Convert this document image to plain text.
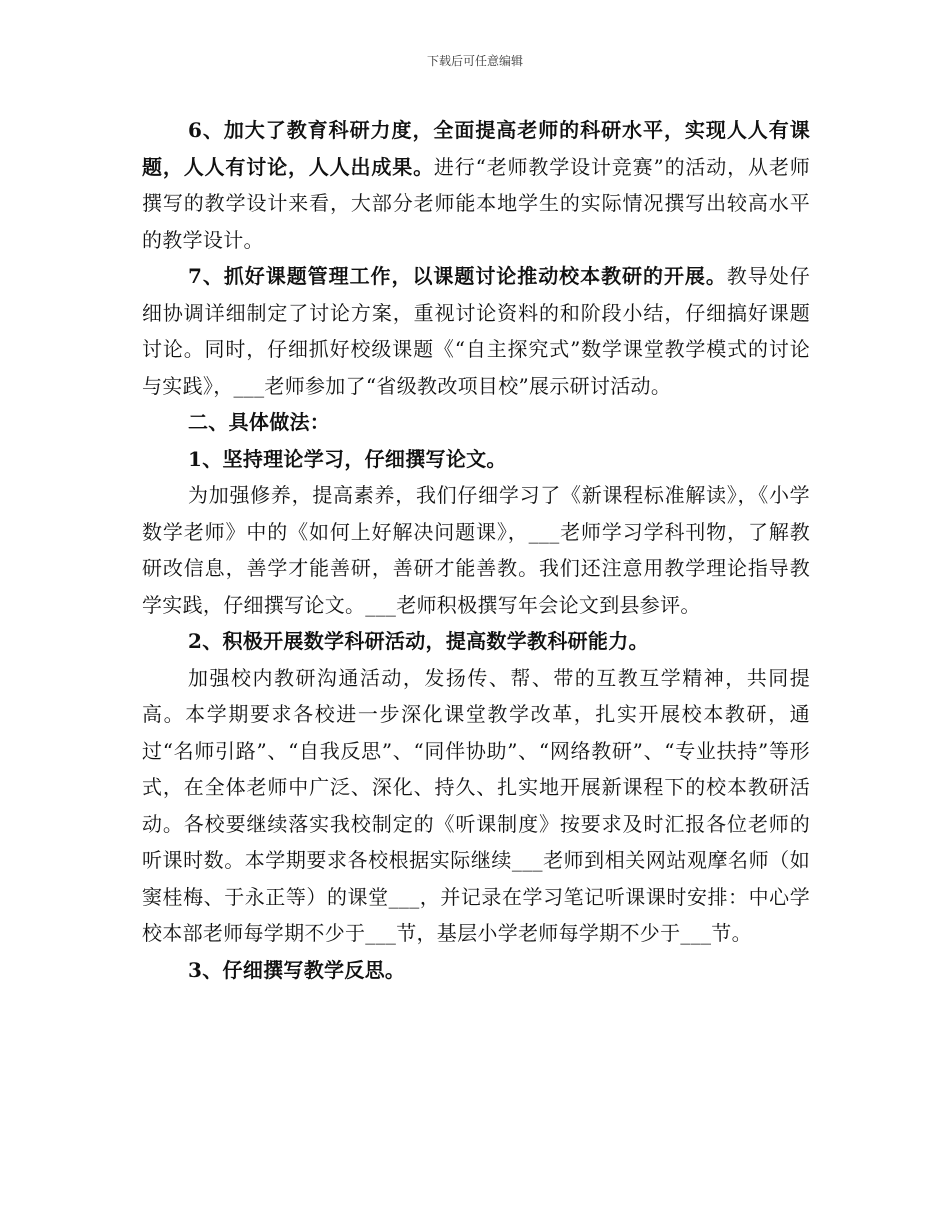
下载后可任意编辑

6、加大了教育科研力度，全面提高老师的科研水平，实现人人有课题，人人有讨论，人人出成果。进行“老师教学设计竞赛”的活动，从老师撰写的教学设计来看，大部分老师能本地学生的实际情况撰写出较高水平的教学设计。

7、抓好课题管理工作，以课题讨论推动校本教研的开展。教导处仔细协调详细制定了讨论方案，重视讨论资料的和阶段小结，仔细搞好课题讨论。同时，仔细抓好校级课题《“自主探究式”数学课堂教学模式的讨论与实践》，___老师参加了“省级教改项目校”展示研讨活动。

二、具体做法：

1、坚持理论学习，仔细撰写论文。

为加强修养，提高素养，我们仔细学习了《新课程标准解读》，《小学数学老师》中的《如何上好解决问题课》，___老师学习学科刊物，了解教研改信息，善学才能善研，善研才能善教。我们还注意用教学理论指导教学实践，仔细撰写论文。___老师积极撰写年会论文到县参评。

2、积极开展数学科研活动，提高数学教科研能力。

加强校内教研沟通活动，发扬传、帮、带的互教互学精神，共同提高。本学期要求各校进一步深化课堂教学改革，扎实开展校本教研，通过“名师引路”、“自我反思”、“同伴协助”、“网络教研”、“专业扶持”等形式，在全体老师中广泛、深化、持久、扎实地开展新课程下的校本教研活动。各校要继续落实我校制定的《听课制度》按要求及时汇报各位老师的听课时数。本学期要求各校根据实际继续___老师到相关网站观摩名师（如窦桂梅、于永正等）的课堂___，并记录在学习笔记听课课时安排：中心学校本部老师每学期不少于___节，基层小学老师每学期不少于___节。

3、仔细撰写教学反思。
